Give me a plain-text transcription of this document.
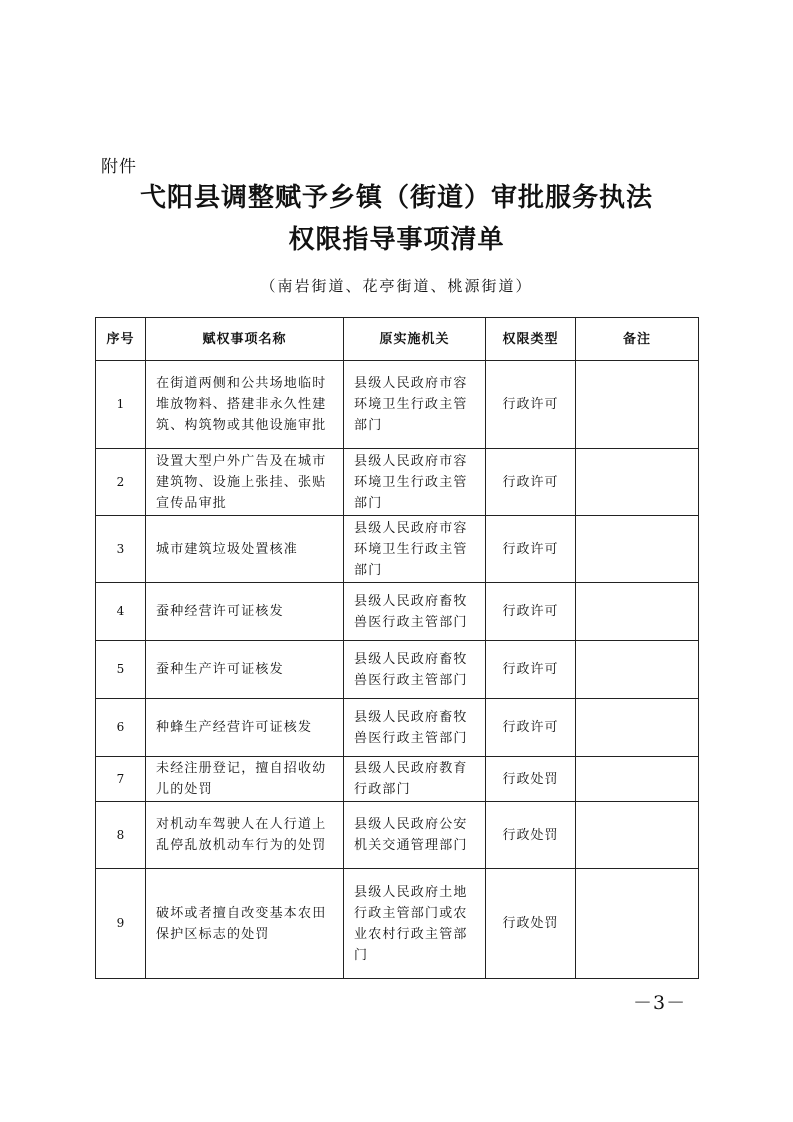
附件
弋阳县调整赋予乡镇（街道）审批服务执法
权限指导事项清单
（南岩街道、花亭街道、桃源街道）
序号	赋权事项名称	原实施机关	权限类型	备注
1	在街道两侧和公共场地临时堆放物料、搭建非永久性建筑、构筑物或其他设施审批	县级人民政府市容环境卫生行政主管部门	行政许可	
2	设置大型户外广告及在城市建筑物、设施上张挂、张贴宣传品审批	县级人民政府市容环境卫生行政主管部门	行政许可	
3	城市建筑垃圾处置核准	县级人民政府市容环境卫生行政主管部门	行政许可	
4	蚕种经营许可证核发	县级人民政府畜牧兽医行政主管部门	行政许可	
5	蚕种生产许可证核发	县级人民政府畜牧兽医行政主管部门	行政许可	
6	种蜂生产经营许可证核发	县级人民政府畜牧兽医行政主管部门	行政许可	
7	未经注册登记，擅自招收幼儿的处罚	县级人民政府教育行政部门	行政处罚	
8	对机动车驾驶人在人行道上乱停乱放机动车行为的处罚	县级人民政府公安机关交通管理部门	行政处罚	
9	破坏或者擅自改变基本农田保护区标志的处罚	县级人民政府土地行政主管部门或农业农村行政主管部门	行政处罚	
－3－
